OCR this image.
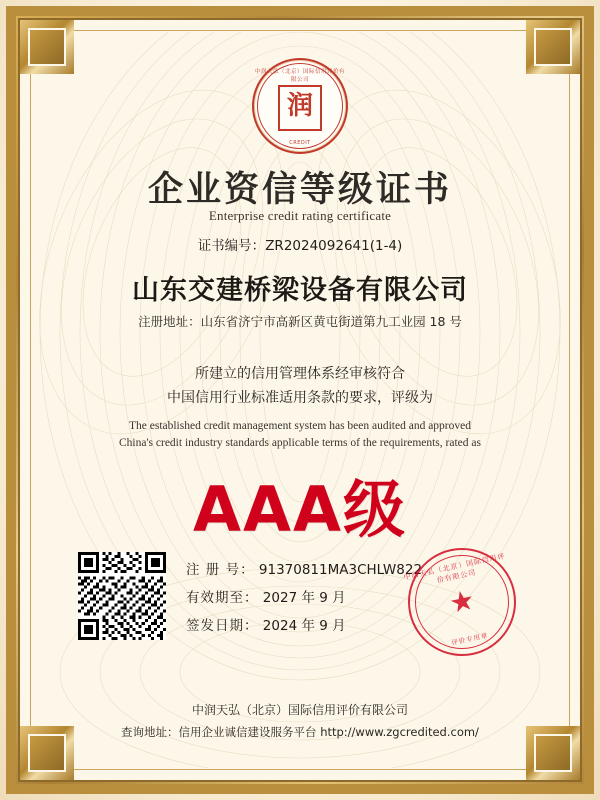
中润天弘（北京）国际信用评价有限公司
润
CREDIT
企业资信等级证书
Enterprise credit rating certificate
证书编号：ZR2024092641(1-4)
山东交建桥梁设备有限公司
注册地址：山东省济宁市高新区黄屯街道第九工业园 18 号
所建立的信用管理体系经审核符合
中国信用行业标准适用条款的要求，评级为
The established credit management system has been audited and approved
China's credit industry standards applicable terms of the requirements, rated as
AAA级
注 册 号： 91370811MA3CHLW822
有效期至： 2027 年 9 月
签发日期： 2024 年 9 月
中润天弘（北京）国际信用评价有限公司
★
评价专用章
中润天弘（北京）国际信用评价有限公司
查询地址：信用企业诚信建设服务平台 http://www.zgcredited.com/
